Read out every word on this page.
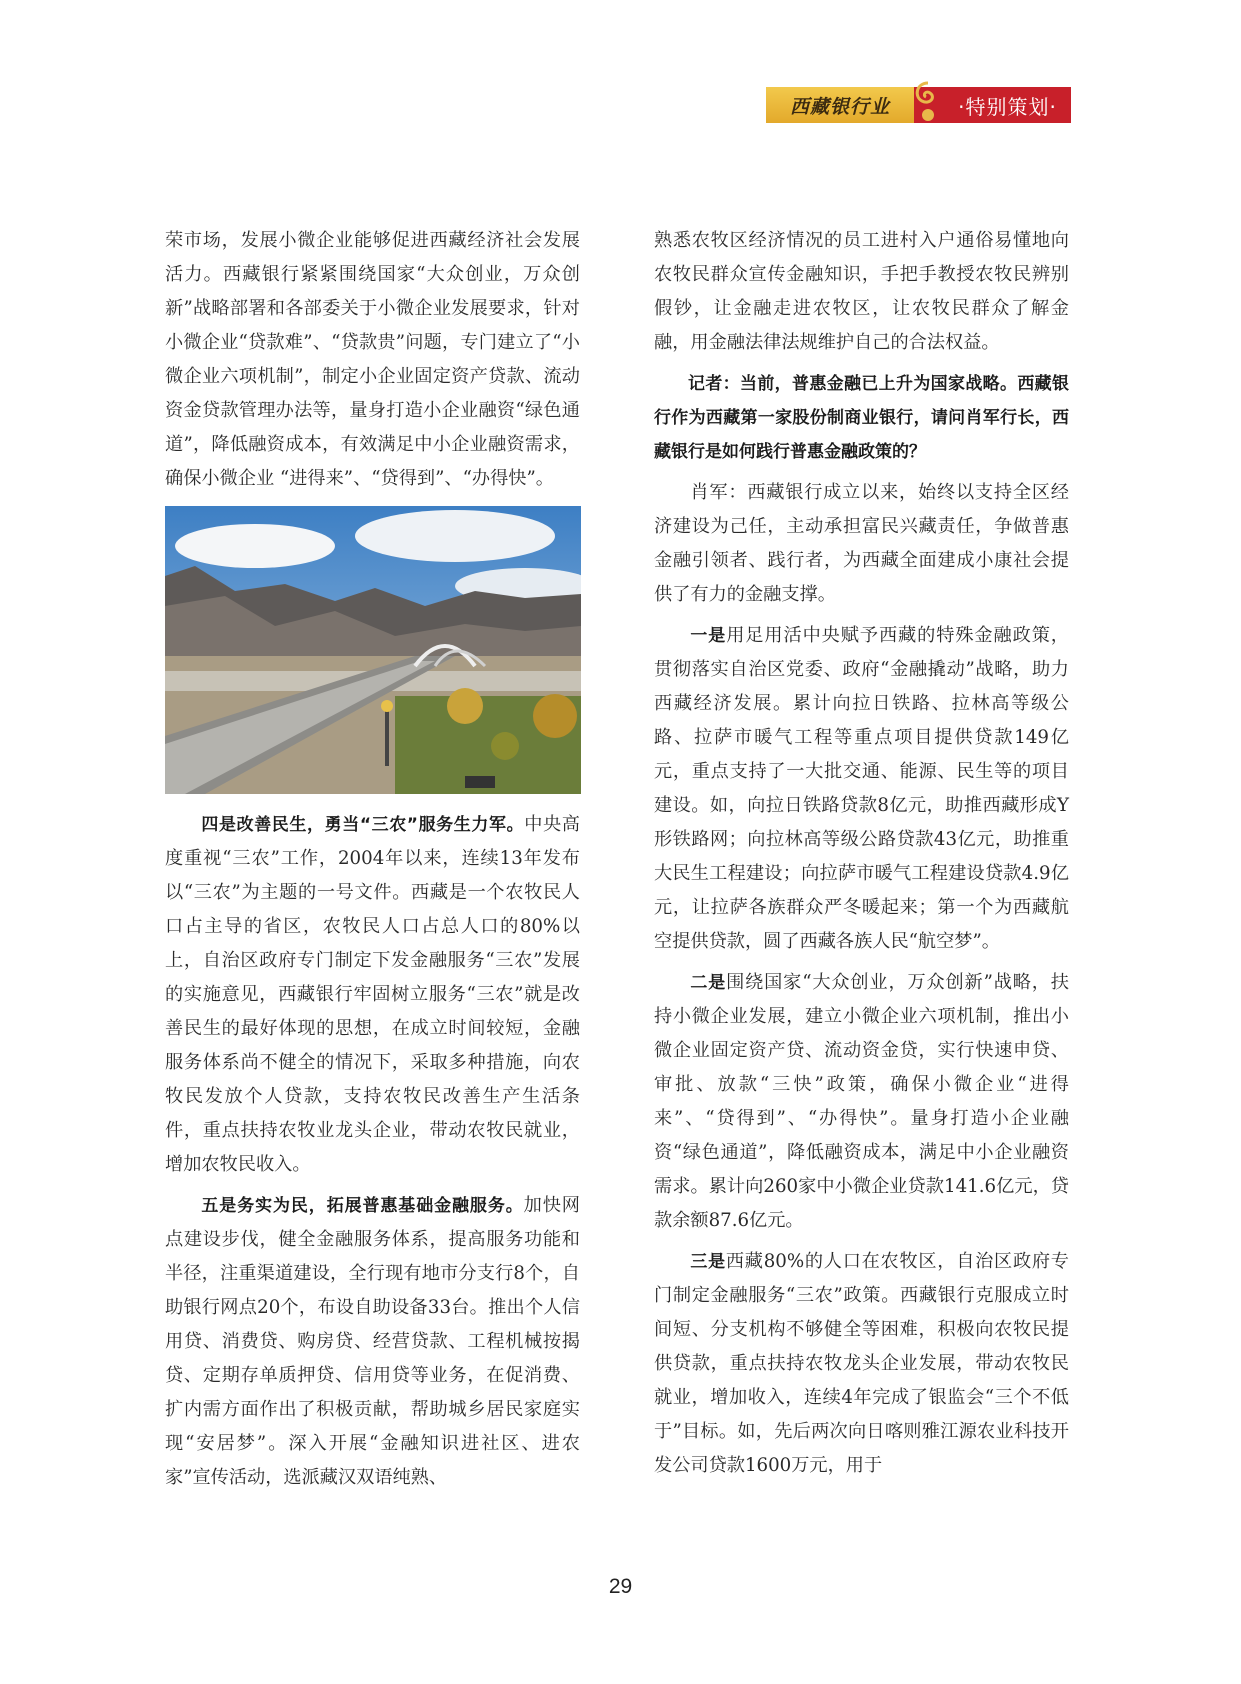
西藏银行业	·特别策划·

荣市场，发展小微企业能够促进西藏经济社会发展活力。西藏银行紧紧围绕国家“大众创业，万众创新”战略部署和各部委关于小微企业发展要求，针对小微企业“贷款难”、“贷款贵”问题，专门建立了“小微企业六项机制”，制定小企业固定资产贷款、流动资金贷款管理办法等，量身打造小企业融资“绿色通道”，降低融资成本，有效满足中小企业融资需求，确保小微企业 “进得来”、“贷得到”、“办得快”。

四是改善民生，勇当“三农”服务生力军。中央高度重视“三农”工作，2004年以来，连续13年发布以“三农”为主题的一号文件。西藏是一个农牧民人口占主导的省区，农牧民人口占总人口的80%以上，自治区政府专门制定下发金融服务“三农”发展的实施意见，西藏银行牢固树立服务“三农”就是改善民生的最好体现的思想，在成立时间较短，金融服务体系尚不健全的情况下，采取多种措施，向农牧民发放个人贷款，支持农牧民改善生产生活条件，重点扶持农牧业龙头企业，带动农牧民就业，增加农牧民收入。

五是务实为民，拓展普惠基础金融服务。加快网点建设步伐，健全金融服务体系，提高服务功能和半径，注重渠道建设，全行现有地市分支行8个，自助银行网点20个，布设自助设备33台。推出个人信用贷、消费贷、购房贷、经营贷款、工程机械按揭贷、定期存单质押贷、信用贷等业务，在促消费、扩内需方面作出了积极贡献，帮助城乡居民家庭实现“安居梦”。深入开展“金融知识进社区、进农家”宣传活动，选派藏汉双语纯熟、

熟悉农牧区经济情况的员工进村入户通俗易懂地向农牧民群众宣传金融知识，手把手教授农牧民辨别假钞，让金融走进农牧区，让农牧民群众了解金融，用金融法律法规维护自己的合法权益。

记者：当前，普惠金融已上升为国家战略。西藏银行作为西藏第一家股份制商业银行，请问肖军行长，西藏银行是如何践行普惠金融政策的？

肖军：西藏银行成立以来，始终以支持全区经济建设为己任，主动承担富民兴藏责任，争做普惠金融引领者、践行者，为西藏全面建成小康社会提供了有力的金融支撑。

一是用足用活中央赋予西藏的特殊金融政策，贯彻落实自治区党委、政府“金融撬动”战略，助力西藏经济发展。累计向拉日铁路、拉林高等级公路、拉萨市暖气工程等重点项目提供贷款149亿元，重点支持了一大批交通、能源、民生等的项目建设。如，向拉日铁路贷款8亿元，助推西藏形成Y形铁路网；向拉林高等级公路贷款43亿元，助推重大民生工程建设；向拉萨市暖气工程建设贷款4.9亿元，让拉萨各族群众严冬暖起来；第一个为西藏航空提供贷款，圆了西藏各族人民“航空梦”。

二是围绕国家“大众创业，万众创新”战略，扶持小微企业发展，建立小微企业六项机制，推出小微企业固定资产贷、流动资金贷，实行快速申贷、审批、放款“三快”政策，确保小微企业“进得来”、“贷得到”、“办得快”。量身打造小企业融资“绿色通道”，降低融资成本，满足中小企业融资需求。累计向260家中小微企业贷款141.6亿元，贷款余额87.6亿元。

三是西藏80%的人口在农牧区，自治区政府专门制定金融服务“三农”政策。西藏银行克服成立时间短、分支机构不够健全等困难，积极向农牧民提供贷款，重点扶持农牧龙头企业发展，带动农牧民就业，增加收入，连续4年完成了银监会“三个不低于”目标。如，先后两次向日喀则雅江源农业科技开发公司贷款1600万元，用于

29
